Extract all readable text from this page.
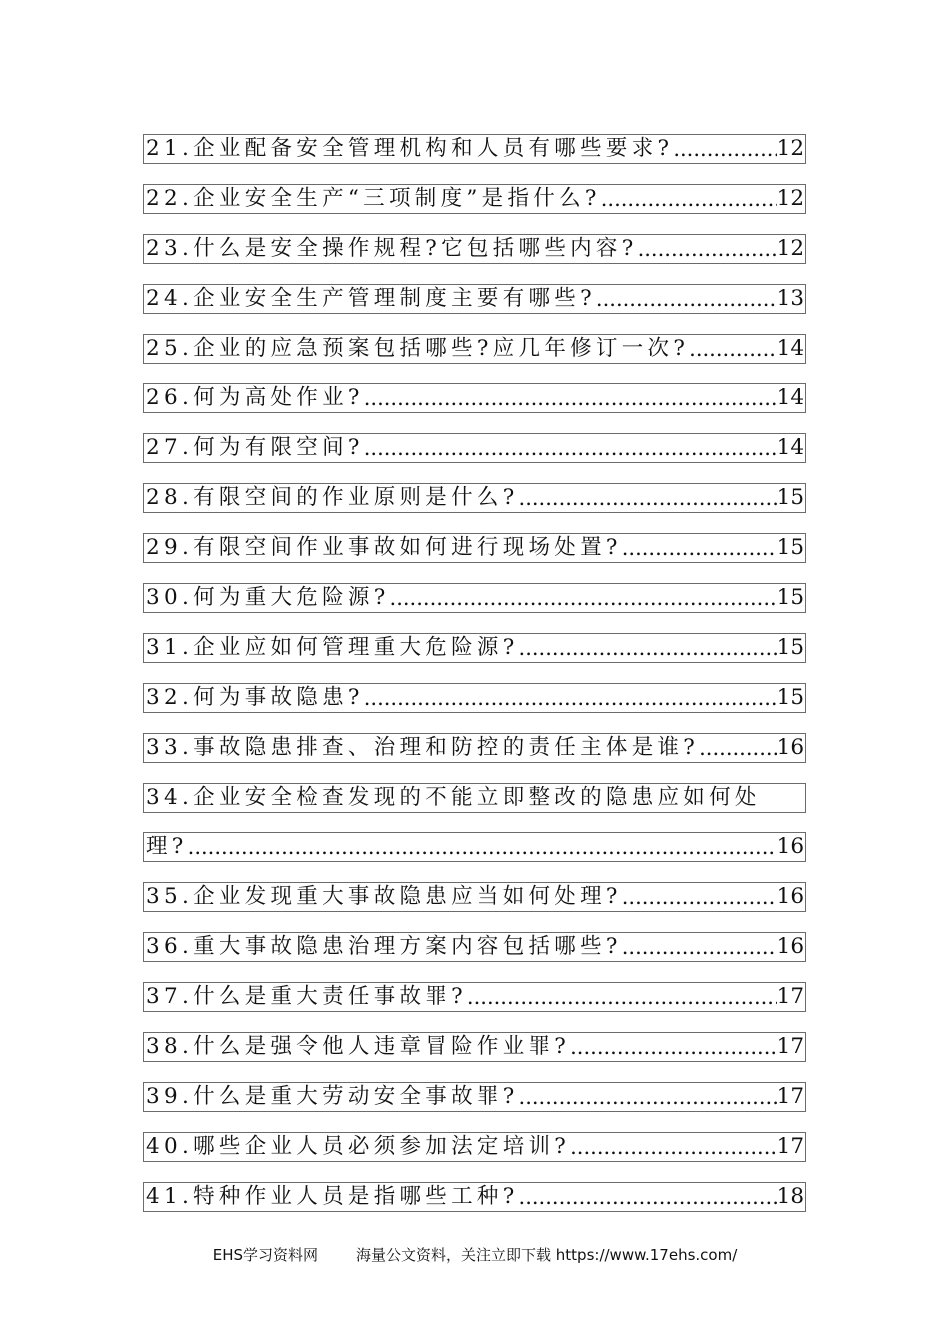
21.企业配备安全管理机构和人员有哪些要求? .....	12
22.企业安全生产“三项制度”是指什么? .....	12
23.什么是安全操作规程?它包括哪些内容? .....	12
24.企业安全生产管理制度主要有哪些? .....	13
25.企业的应急预案包括哪些?应几年修订一次? .....	14
26.何为高处作业? .....	14
27.何为有限空间? .....	14
28.有限空间的作业原则是什么? .....	15
29.有限空间作业事故如何进行现场处置? .....	15
30.何为重大危险源? .....	15
31.企业应如何管理重大危险源? .....	15
32.何为事故隐患? .....	15
33.事故隐患排查、治理和防控的责任主体是谁? .....	16
34.企业安全检查发现的不能立即整改的隐患应如何处
理? .....	16
35.企业发现重大事故隐患应当如何处理? .....	16
36.重大事故隐患治理方案内容包括哪些? .....	16
37.什么是重大责任事故罪? .....	17
38.什么是强令他人违章冒险作业罪? .....	17
39.什么是重大劳动安全事故罪? .....	17
40.哪些企业人员必须参加法定培训? .....	17
41.特种作业人员是指哪些工种? .....	18
EHS学习资料网	海量公文资料，关注立即下载 https://www.17ehs.com/
